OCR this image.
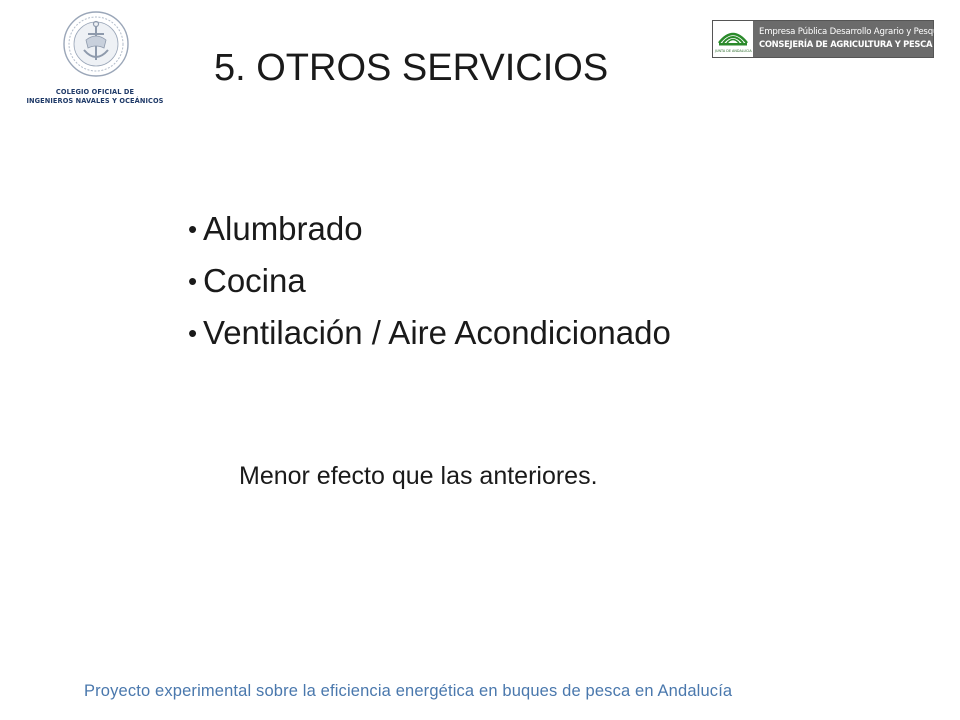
COLEGIO OFICIAL DE
INGENIEROS NAVALES Y OCEÁNICOS
5. OTROS SERVICIOS	JUNTA DE ANDALUCIA
Empresa Pública Desarrollo Agrario y Pesquero
CONSEJERÍA DE AGRICULTURA Y PESCA
• Alumbrado
• Cocina
• Ventilación / Aire Acondicionado
Menor efecto que las anteriores.
Proyecto experimental sobre la eficiencia energética en buques de pesca en Andalucía
